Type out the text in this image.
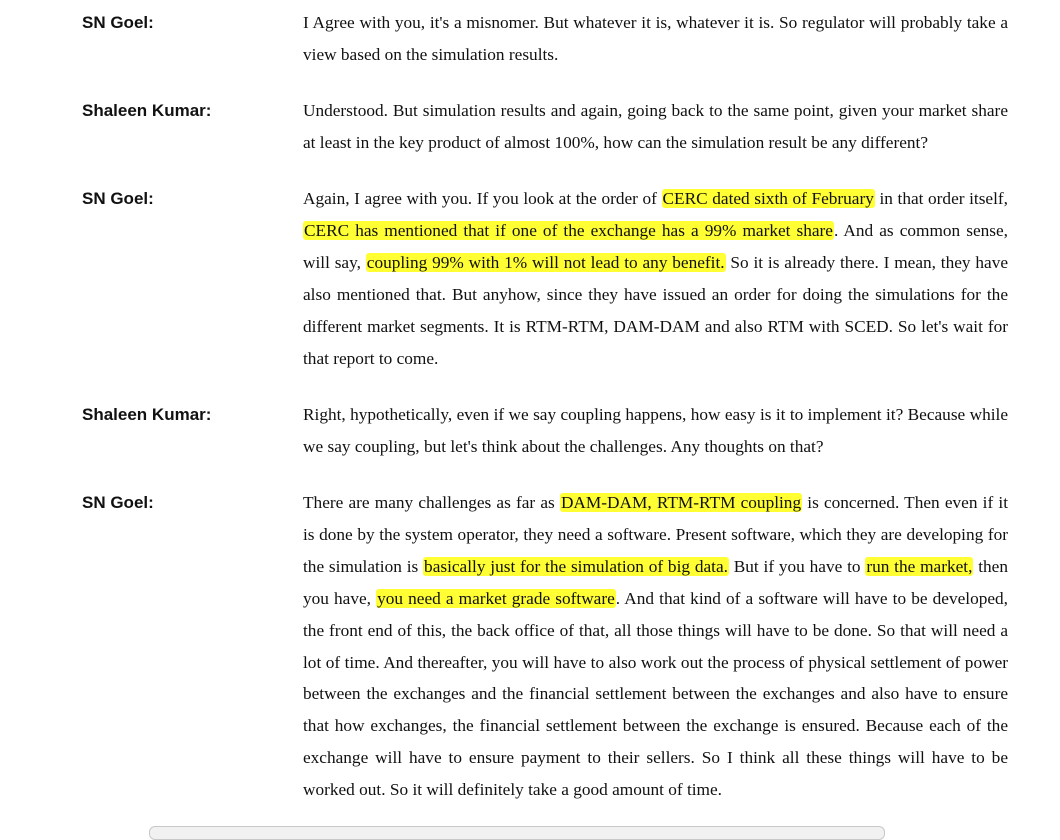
SN Goel:	I Agree with you, it's a misnomer. But whatever it is, whatever it is. So regulator will probably take a view based on the simulation results.

Shaleen Kumar:	Understood. But simulation results and again, going back to the same point, given your market share at least in the key product of almost 100%, how can the simulation result be any different?

SN Goel:	Again, I agree with you. If you look at the order of CERC dated sixth of February in that order itself, CERC has mentioned that if one of the exchange has a 99% market share. And as common sense, will say, coupling 99% with 1% will not lead to any benefit. So it is already there. I mean, they have also mentioned that. But anyhow, since they have issued an order for doing the simulations for the different market segments. It is RTM-RTM, DAM-DAM and also RTM with SCED. So let's wait for that report to come.

Shaleen Kumar:	Right, hypothetically, even if we say coupling happens, how easy is it to implement it? Because while we say coupling, but let's think about the challenges. Any thoughts on that?

SN Goel:	There are many challenges as far as DAM-DAM, RTM-RTM coupling is concerned. Then even if it is done by the system operator, they need a software. Present software, which they are developing for the simulation is basically just for the simulation of big data. But if you have to run the market, then you have, you need a market grade software. And that kind of a software will have to be developed, the front end of this, the back office of that, all those things will have to be done. So that will need a lot of time. And thereafter, you will have to also work out the process of physical settlement of power between the exchanges and the financial settlement between the exchanges and also have to ensure that how exchanges, the financial settlement between the exchange is ensured. Because each of the exchange will have to ensure payment to their sellers. So I think all these things will have to be worked out. So it will definitely take a good amount of time.
